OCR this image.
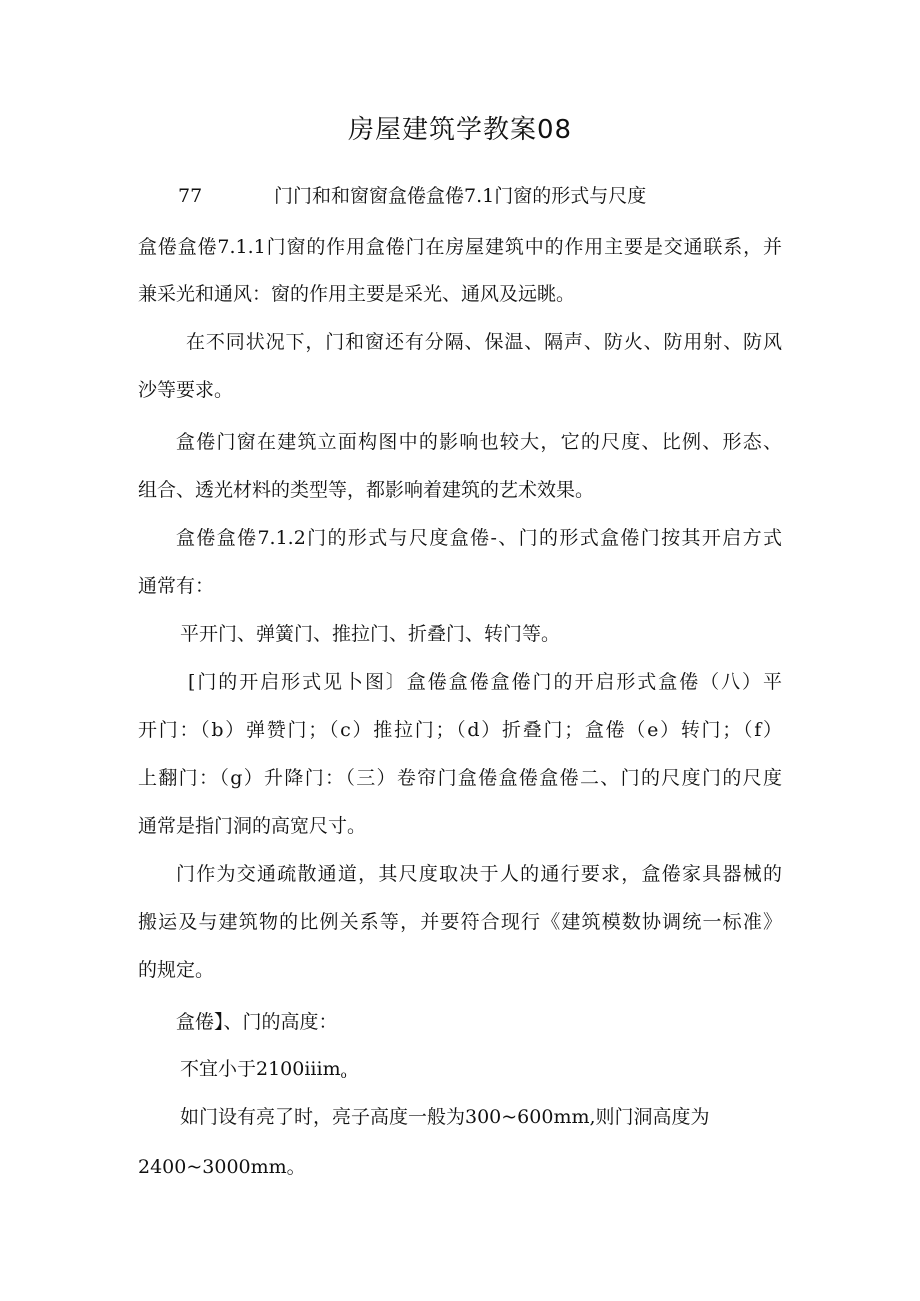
房屋建筑学教案08

77	门门和和窗窗盒倦盒倦7.1门窗的形式与尺度

盒倦盒倦7.1.1门窗的作用盒倦门在房屋建筑中的作用主要是交通联系，并

兼采光和通风：窗的作用主要是采光、通风及远眺。

在不同状况下，门和窗还有分隔、保温、隔声、防火、防用射、防风

沙等要求。

盒倦门窗在建筑立面构图中的影响也较大，它的尺度、比例、形态、

组合、透光材料的类型等，都影响着建筑的艺术效果。

盒倦盒倦7.1.2门的形式与尺度盒倦-、门的形式盒倦门按其开启方式

通常有：

平开门、弹簧门、推拉门、折叠门、转门等。

[门的开启形式见卜图〕盒倦盒倦盒倦门的开启形式盒倦（八）平

开门：（b）弹赞门；（c）推拉门；（d）折叠门；盒倦（e）转门；（f）

上翻门：（g）升降门：（三）卷帘门盒倦盒倦盒倦二、门的尺度门的尺度

通常是指门洞的高宽尺寸。

门作为交通疏散通道，其尺度取决于人的通行要求，盒倦家具器械的

搬运及与建筑物的比例关系等，并要符合现行《建筑模数协调统一标准》

的规定。

盒倦】、门的高度：

不宜小于2100iiim$_o$

如门设有亮了时，亮子高度一般为300~600mm,则门洞高度为

2400~3000mm。
